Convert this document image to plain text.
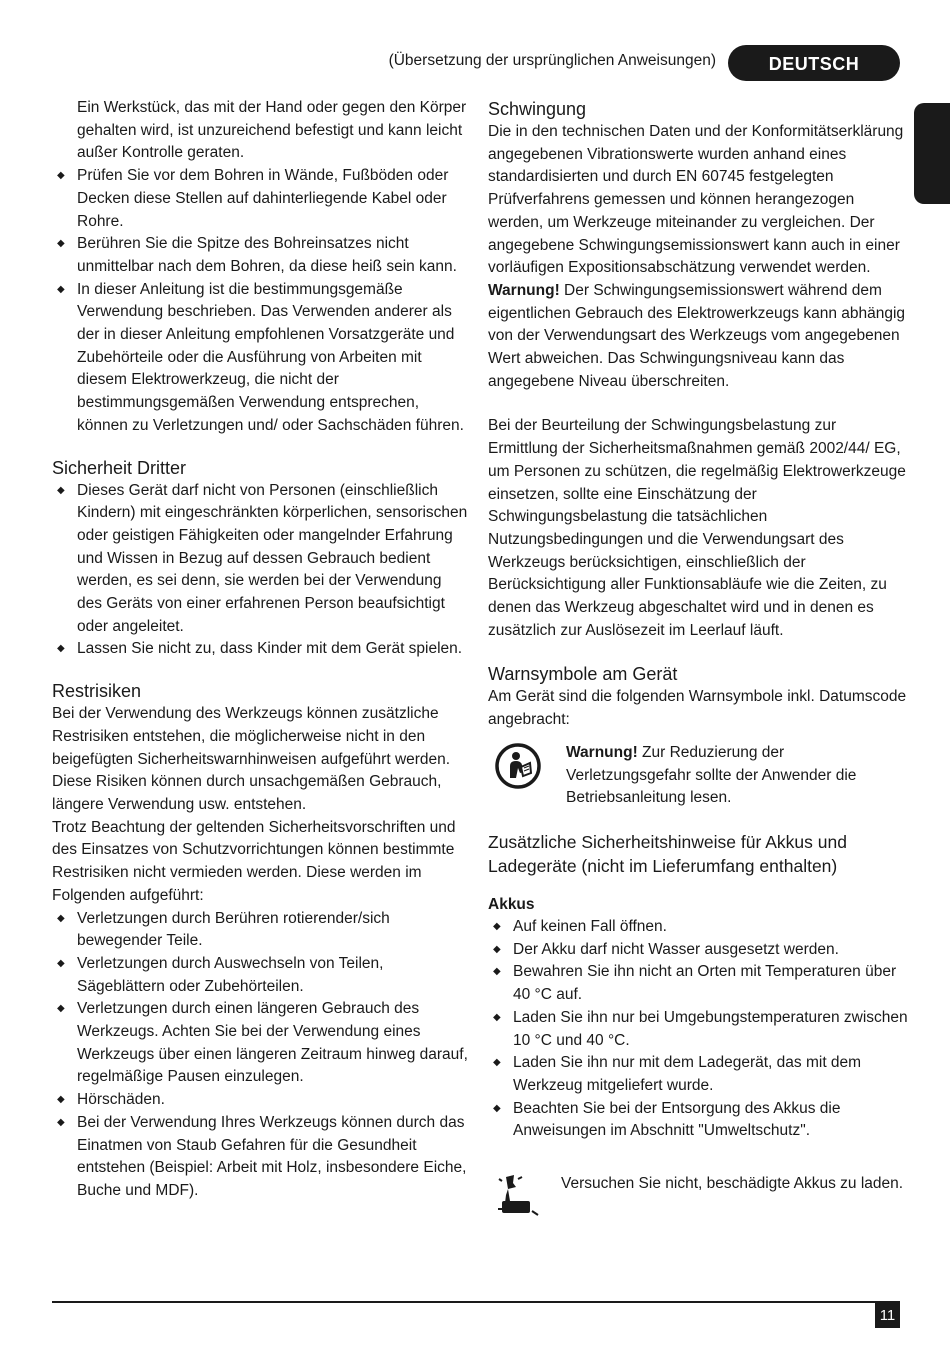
(Übersetzung der ursprünglichen Anweisungen)	DEUTSCH

Ein Werkstück, das mit der Hand oder gegen den Körper gehalten wird, ist unzureichend befestigt und kann leicht außer Kontrolle geraten.

◆ Prüfen Sie vor dem Bohren in Wände, Fußböden oder Decken diese Stellen auf dahinterliegende Kabel oder Rohre.
◆ Berühren Sie die Spitze des Bohreinsatzes nicht unmittelbar nach dem Bohren, da diese heiß sein kann.
◆ In dieser Anleitung ist die bestimmungsgemäße Verwendung beschrieben. Das Verwenden anderer als der in dieser Anleitung empfohlenen Vorsatzgeräte und Zubehörteile oder die Ausführung von Arbeiten mit diesem Elektrowerkzeug, die nicht der bestimmungsgemäßen Verwendung entsprechen, können zu Verletzungen und/ oder Sachschäden führen.
Sicherheit Dritter
◆ Dieses Gerät darf nicht von Personen (einschließlich Kindern) mit eingeschränkten körperlichen, sensorischen oder geistigen Fähigkeiten oder mangelnder Erfahrung und Wissen in Bezug auf dessen Gebrauch bedient werden, es sei denn, sie werden bei der Verwendung des Geräts von einer erfahrenen Person beaufsichtigt oder angeleitet.
◆ Lassen Sie nicht zu, dass Kinder mit dem Gerät spielen.
Restrisiken

Bei der Verwendung des Werkzeugs können zusätzliche Restrisiken entstehen, die möglicherweise nicht in den beigefügten Sicherheitswarnhinweisen aufgeführt werden. Diese Risiken können durch unsachgemäßen Gebrauch, längere Verwendung usw. entstehen.

Trotz Beachtung der geltenden Sicherheitsvorschriften und des Einsatzes von Schutzvorrichtungen können bestimmte Restrisiken nicht vermieden werden. Diese werden im Folgenden aufgeführt:

◆ Verletzungen durch Berühren rotierender/sich bewegender Teile.
◆ Verletzungen durch Auswechseln von Teilen, Sägeblättern oder Zubehörteilen.
◆ Verletzungen durch einen längeren Gebrauch des Werkzeugs. Achten Sie bei der Verwendung eines Werkzeugs über einen längeren Zeitraum hinweg darauf, regelmäßige Pausen einzulegen.
◆ Hörschäden.
◆ Bei der Verwendung Ihres Werkzeugs können durch das Einatmen von Staub Gefahren für die Gesundheit entstehen (Beispiel: Arbeit mit Holz, insbesondere Eiche, Buche und MDF).
Schwingung

Die in den technischen Daten und der Konformitätserklärung angegebenen Vibrationswerte wurden anhand eines standardisierten und durch EN 60745 festgelegten Prüfverfahrens gemessen und können herangezogen werden, um Werkzeuge miteinander zu vergleichen. Der angegebene Schwingungsemissionswert kann auch in einer vorläufigen Expositionsabschätzung verwendet werden.

Warnung! Der Schwingungsemissionswert während dem eigentlichen Gebrauch des Elektrowerkzeugs kann abhängig von der Verwendungsart des Werkzeugs vom angegebenen Wert abweichen. Das Schwingungsniveau kann das angegebene Niveau überschreiten.

Bei der Beurteilung der Schwingungsbelastung zur Ermittlung der Sicherheitsmaßnahmen gemäß 2002/44/ EG, um Personen zu schützen, die regelmäßig Elektrowerkzeuge einsetzen, sollte eine Einschätzung der Schwingungsbelastung die tatsächlichen Nutzungsbedingungen und die Verwendungsart des Werkzeugs berücksichtigen, einschließlich der Berücksichtigung aller Funktionsabläufe wie die Zeiten, zu denen das Werkzeug abgeschaltet wird und in denen es zusätzlich zur Auslösezeit im Leerlauf läuft.

Warnsymbole am Gerät

Am Gerät sind die folgenden Warnsymbole inkl. Datumscode angebracht:

Warnung! Zur Reduzierung der Verletzungsgefahr sollte der Anwender die Betriebsanleitung lesen.

Zusätzliche Sicherheitshinweise für Akkus und Ladegeräte (nicht im Lieferumfang enthalten)
Akkus
◆ Auf keinen Fall öffnen.
◆ Der Akku darf nicht Wasser ausgesetzt werden.
◆ Bewahren Sie ihn nicht an Orten mit Temperaturen über 40 °C auf.
◆ Laden Sie ihn nur bei Umgebungstemperaturen zwischen 10 °C und 40 °C.
◆ Laden Sie ihn nur mit dem Ladegerät, das mit dem Werkzeug mitgeliefert wurde.
◆ Beachten Sie bei der Entsorgung des Akkus die Anweisungen im Abschnitt "Umweltschutz".

Versuchen Sie nicht, beschädigte Akkus zu laden.

11
